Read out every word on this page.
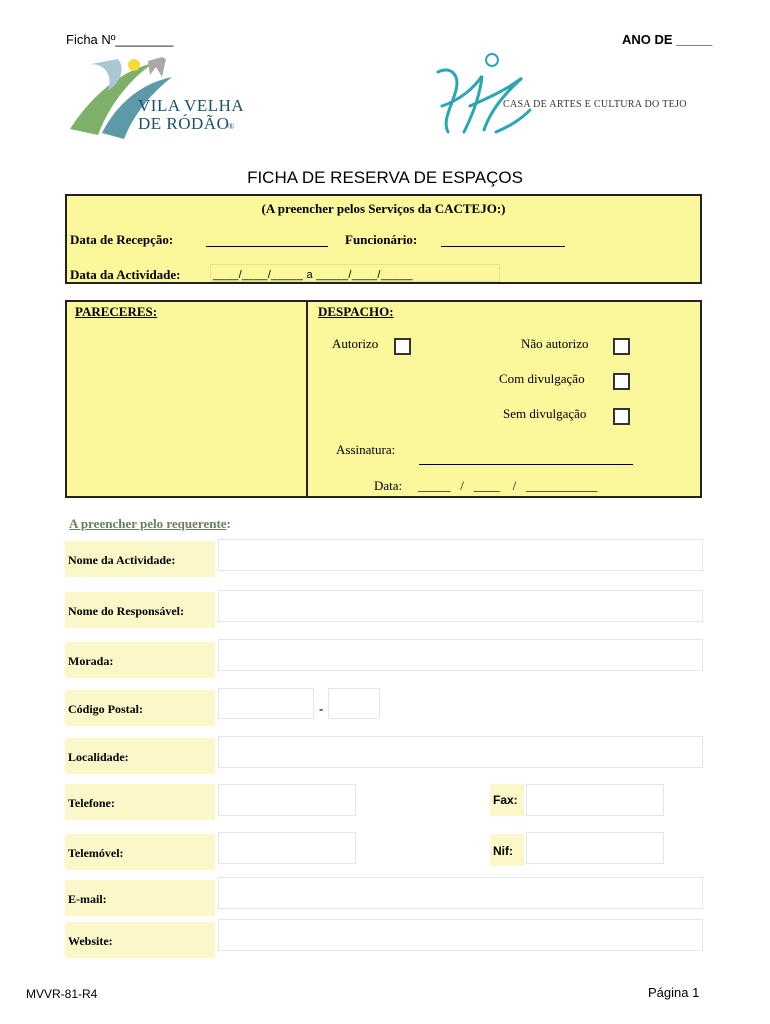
Ficha Nº________	ANO DE _____
VILA VELHA
DE RÓDÃO
®
CASA DE ARTES E CULTURA DO TEJO
FICHA DE RESERVA DE ESPAÇOS
(A preencher pelos Serviços da CACTEJO:)
Data de Recepção:	Funcionário:
Data da Actividade:	____/____/_____ a _____/____/_____
PARECERES:	DESPACHO:
Autorizo	Não autorizo
Com divulgação
Sem divulgação
Assinatura:
Data: _____   /   ____    /   ___________
A preencher pelo requerente:
Nome da Actividade:
Nome do Responsável:
Morada:
Código Postal:	-
Localidade:
Telefone:	Fax:
Telemóvel:	Nif:
E-mail:
Website:
MVVR-81-R4	Página 1
